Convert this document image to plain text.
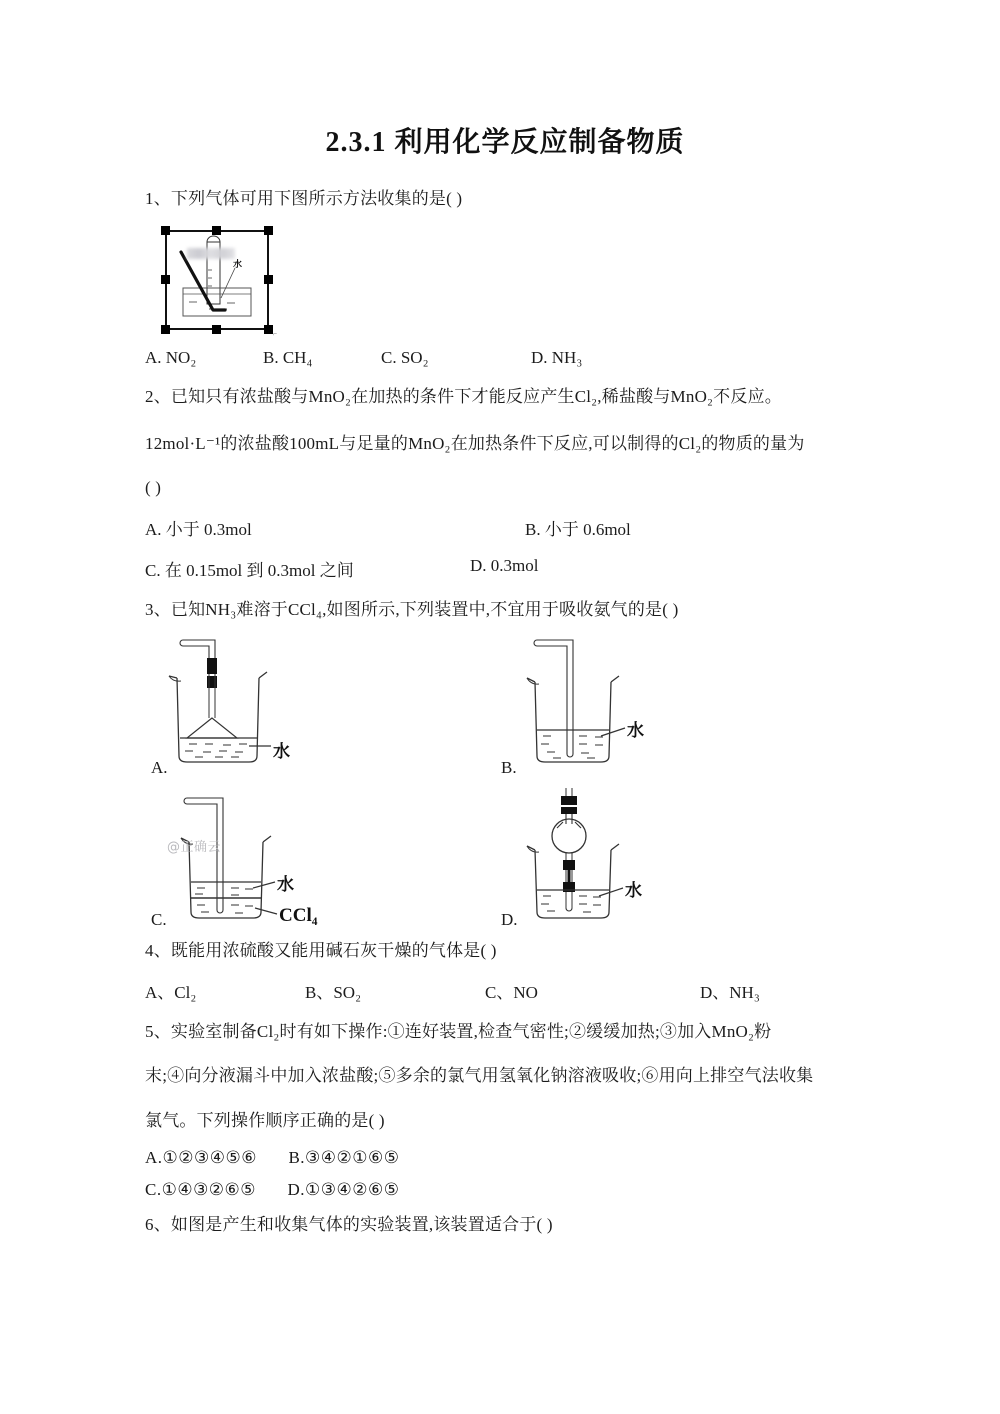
2.3.1 利用化学反应制备物质

1、下列气体可用下图所示方法收集的是( )

水
⌐
A. NO₂	B. CH₄	C. SO₂	D. NH₃

2、已知只有浓盐酸与MnO₂在加热的条件下才能反应产生Cl₂,稀盐酸与MnO₂不反应。

12mol·L⁻¹的浓盐酸100mL与足量的MnO₂在加热条件下反应,可以制得的Cl₂的物质的量为

( )

A. 小于 0.3mol	B. 小于 0.6mol
C. 在 0.15mol 到 0.3mol 之间	D. 0.3mol

3、已知NH₃难溶于CCl₄,如图所示,下列装置中,不宜用于吸收氨气的是( )

水
A.
水
B.
@正确云
水
CCl₄
C.
水
D.

4、既能用浓硫酸又能用碱石灰干燥的气体是( )

A、Cl₂	B、SO₂	C、NO	D、NH₃

5、实验室制备Cl₂时有如下操作:①连好装置,检查气密性;②缓缓加热;③加入MnO₂粉

末;④向分液漏斗中加入浓盐酸;⑤多余的氯气用氢氧化钠溶液吸收;⑥用向上排空气法收集

氯气。下列操作顺序正确的是( )

A.①②③④⑤⑥ B.③④②①⑥⑤
C.①④③②⑥⑤ D.①③④②⑥⑤

6、如图是产生和收集气体的实验装置,该装置适合于( )
